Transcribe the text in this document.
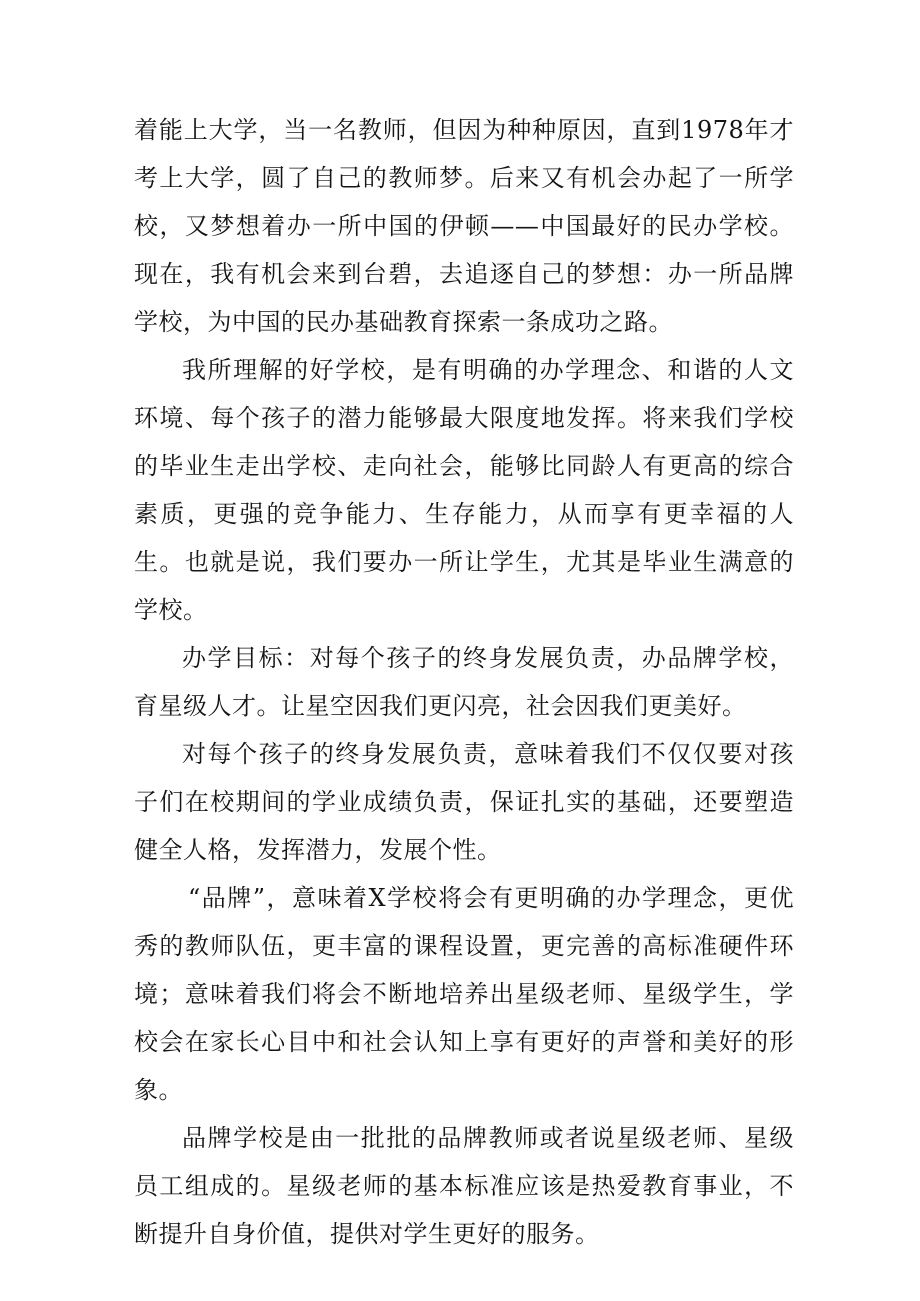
着能上大学，当一名教师，但因为种种原因，直到1978年才考上大学，圆了自己的教师梦。后来又有机会办起了一所学校，又梦想着办一所中国的伊顿——中国最好的民办学校。现在，我有机会来到台碧，去追逐自己的梦想：办一所品牌学校，为中国的民办基础教育探索一条成功之路。

我所理解的好学校，是有明确的办学理念、和谐的人文环境、每个孩子的潜力能够最大限度地发挥。将来我们学校的毕业生走出学校、走向社会，能够比同龄人有更高的综合素质，更强的竞争能力、生存能力，从而享有更幸福的人生。也就是说，我们要办一所让学生，尤其是毕业生满意的学校。

办学目标：对每个孩子的终身发展负责，办品牌学校，育星级人才。让星空因我们更闪亮，社会因我们更美好。

对每个孩子的终身发展负责，意味着我们不仅仅要对孩子们在校期间的学业成绩负责，保证扎实的基础，还要塑造健全人格，发挥潜力，发展个性。

“品牌”，意味着X学校将会有更明确的办学理念，更优秀的教师队伍，更丰富的课程设置，更完善的高标准硬件环境；意味着我们将会不断地培养出星级老师、星级学生，学校会在家长心目中和社会认知上享有更好的声誉和美好的形象。

品牌学校是由一批批的品牌教师或者说星级老师、星级员工组成的。星级老师的基本标准应该是热爱教育事业，不断提升自身价值，提供对学生更好的服务。
